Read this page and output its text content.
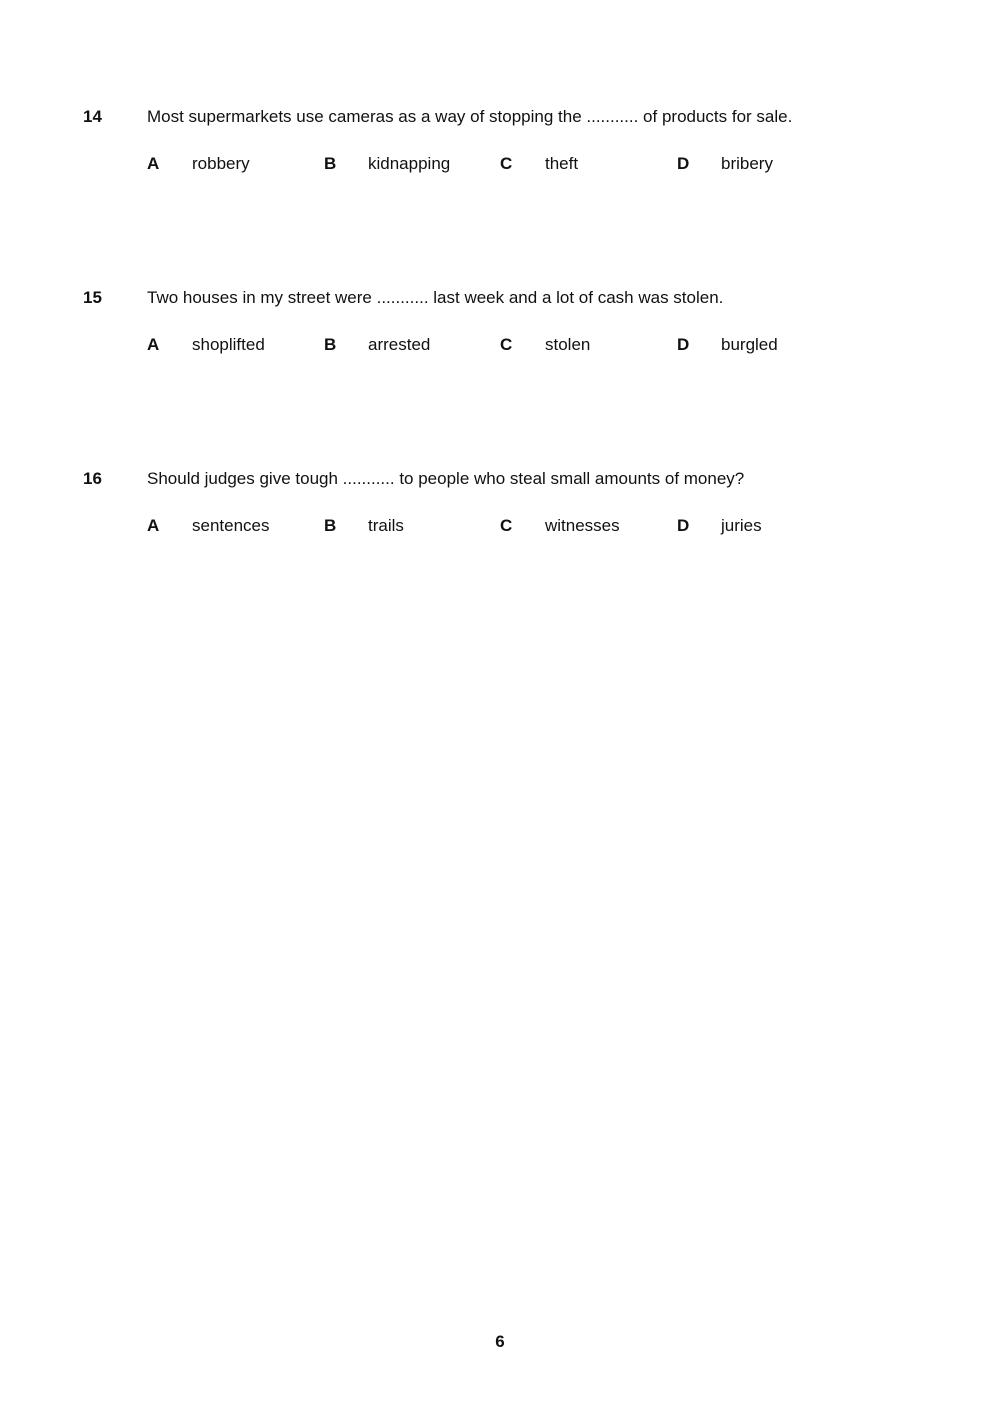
14	Most supermarkets use cameras as a way of stopping the ........... of products for sale.
A robbery	B kidnapping	C theft	D bribery
15	Two houses in my street were ........... last week and a lot of cash was stolen.
A shoplifted	B arrested	C stolen	D burgled
16	Should judges give tough ........... to people who steal small amounts of money?
A sentences	B trails	C witnesses	D juries
6
